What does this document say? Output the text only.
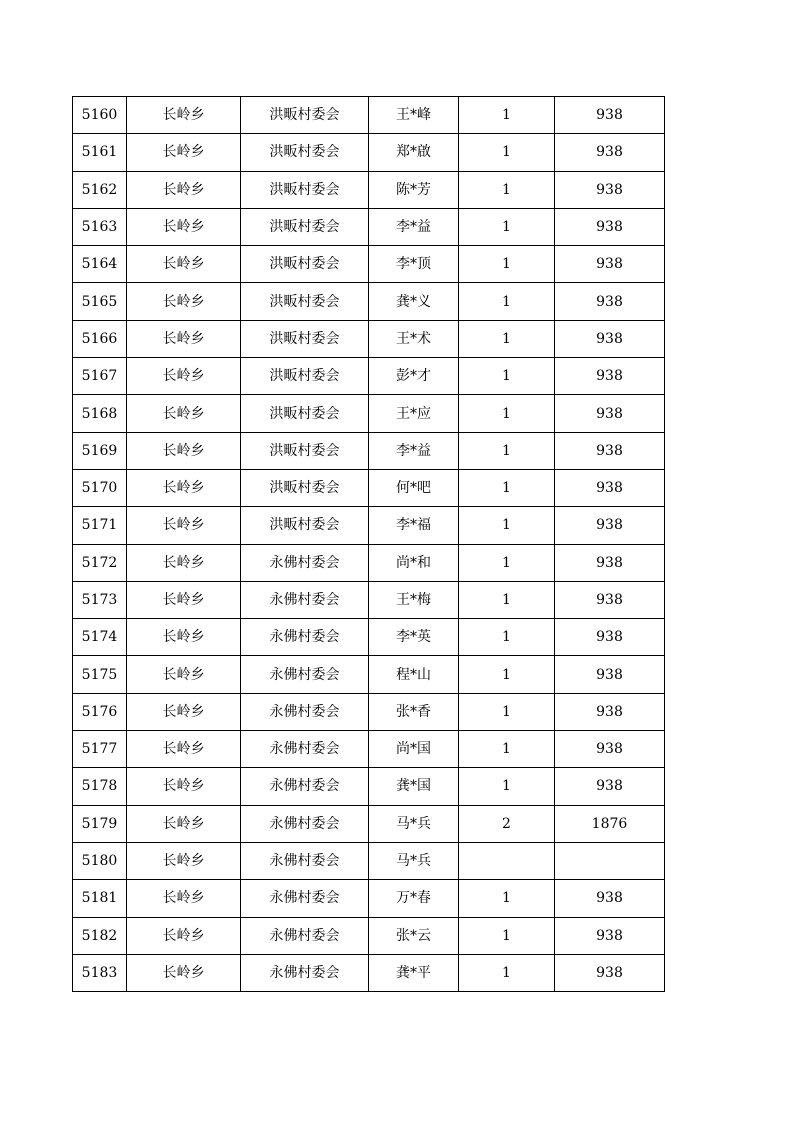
5160	长岭乡	洪畈村委会	王*峰	1	938
5161	长岭乡	洪畈村委会	郑*啟	1	938
5162	长岭乡	洪畈村委会	陈*芳	1	938
5163	长岭乡	洪畈村委会	李*益	1	938
5164	长岭乡	洪畈村委会	李*顶	1	938
5165	长岭乡	洪畈村委会	龚*义	1	938
5166	长岭乡	洪畈村委会	王*术	1	938
5167	长岭乡	洪畈村委会	彭*才	1	938
5168	长岭乡	洪畈村委会	王*应	1	938
5169	长岭乡	洪畈村委会	李*益	1	938
5170	长岭乡	洪畈村委会	何*吧	1	938
5171	长岭乡	洪畈村委会	李*福	1	938
5172	长岭乡	永佛村委会	尚*和	1	938
5173	长岭乡	永佛村委会	王*梅	1	938
5174	长岭乡	永佛村委会	李*英	1	938
5175	长岭乡	永佛村委会	程*山	1	938
5176	长岭乡	永佛村委会	张*香	1	938
5177	长岭乡	永佛村委会	尚*国	1	938
5178	长岭乡	永佛村委会	龚*国	1	938
5179	长岭乡	永佛村委会	马*兵	2	1876
5180	长岭乡	永佛村委会	马*兵		
5181	长岭乡	永佛村委会	万*春	1	938
5182	长岭乡	永佛村委会	张*云	1	938
5183	长岭乡	永佛村委会	龚*平	1	938
